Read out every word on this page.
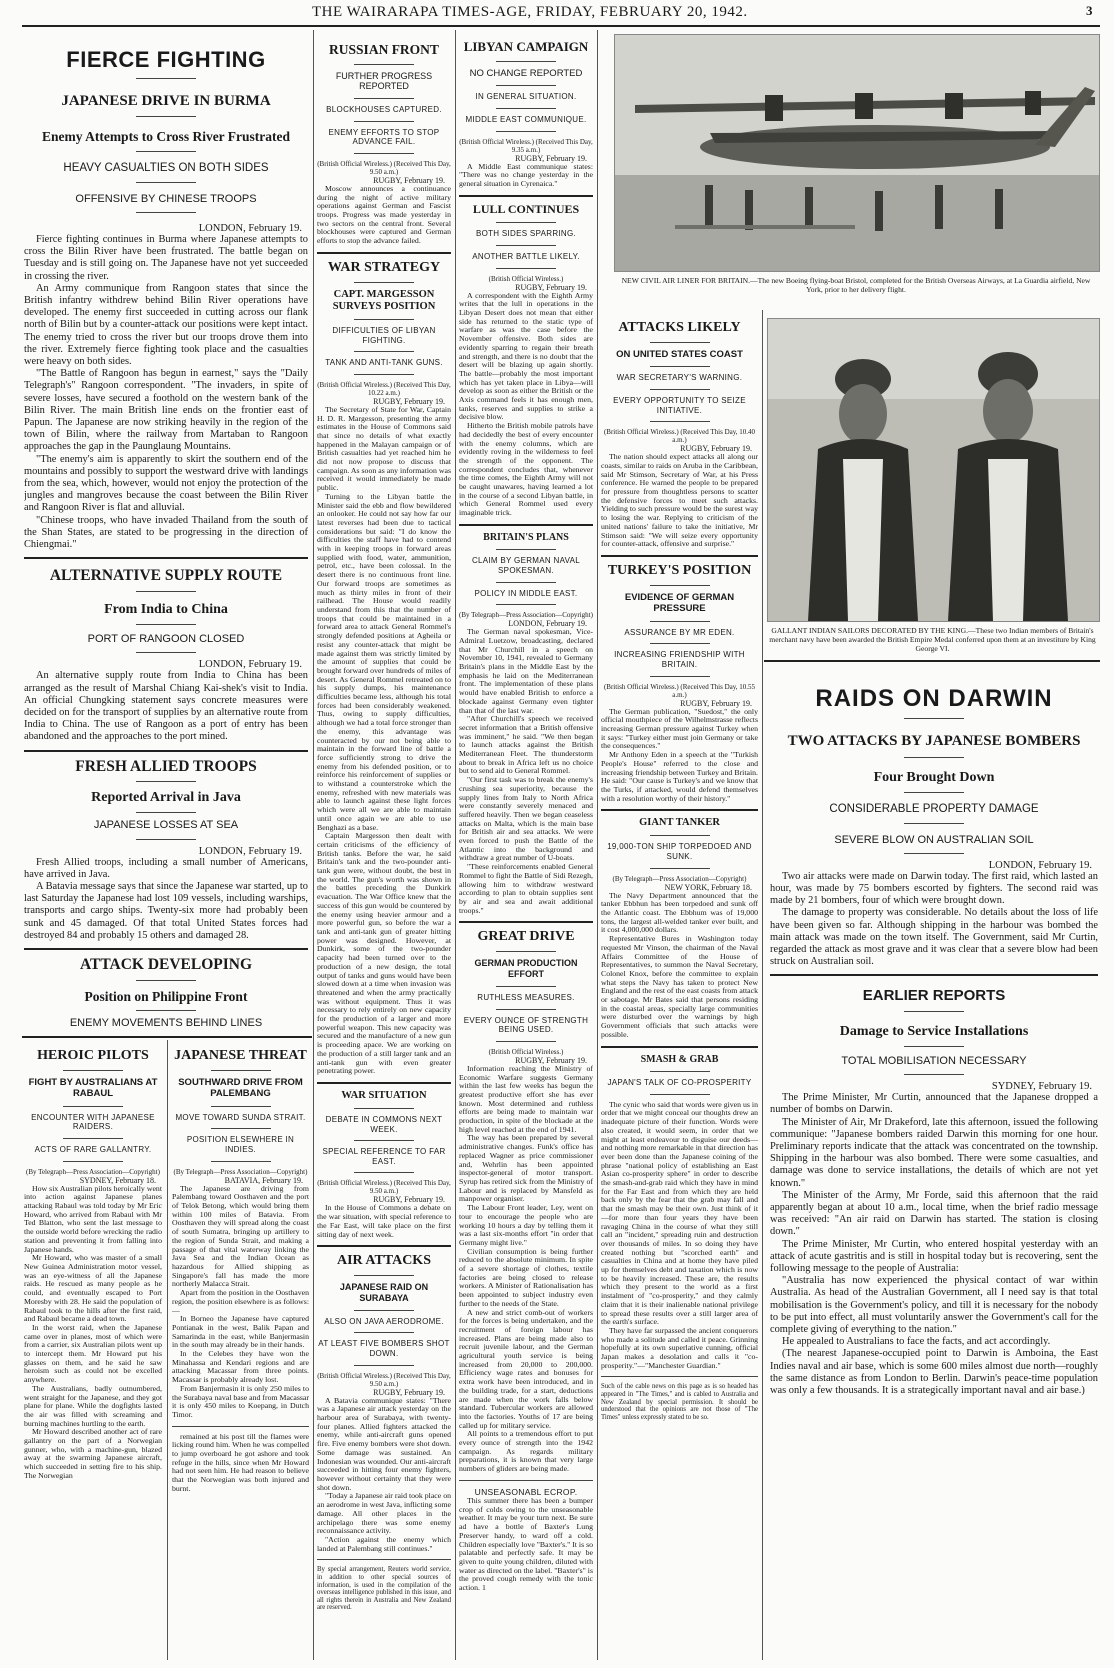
THE WAIRARAPA TIMES-AGE, FRIDAY, FEBRUARY 20, 1942.	3
FIERCE FIGHTING
JAPANESE DRIVE IN BURMA
Enemy Attempts to Cross River Frustrated
HEAVY CASUALTIES ON BOTH SIDES
OFFENSIVE BY CHINESE TROOPS

LONDON, February 19.

Fierce fighting continues in Burma where Japanese attempts to cross the Bilin River have been frustrated. The battle began on Tuesday and is still going on. The Japanese have not yet succeeded in crossing the river.

An Army communique from Rangoon states that since the British infantry withdrew behind Bilin River operations have developed. The enemy first succeeded in cutting across our flank north of Bilin but by a counter-attack our positions were kept intact. The enemy tried to cross the river but our troops drove them into the river. Extremely fierce fighting took place and the casualties were heavy on both sides.

"The Battle of Rangoon has begun in earnest," says the "Daily Telegraph's" Rangoon correspondent. "The invaders, in spite of severe losses, have secured a foothold on the western bank of the Bilin River. The main British line ends on the frontier east of Papun. The Japanese are now striking heavily in the region of the town of Bilin, where the railway from Martaban to Rangoon approaches the gap in the Paunglaung Mountains.

"The enemy's aim is apparently to skirt the southern end of the mountains and possibly to support the westward drive with landings from the sea, which, however, would not enjoy the protection of the jungles and mangroves because the coast between the Bilin River and Rangoon River is flat and alluvial.

"Chinese troops, who have invaded Thailand from the south of the Shan States, are stated to be progressing in the direction of Chiengmai."

ALTERNATIVE SUPPLY ROUTE
From India to China
PORT OF RANGOON CLOSED

LONDON, February 19.

An alternative supply route from India to China has been arranged as the result of Marshal Chiang Kai-shek's visit to India. An official Chungking statement says concrete measures were decided on for the transport of supplies by an alternative route from India to China. The use of Rangoon as a port of entry has been abandoned and the approaches to the port mined.

FRESH ALLIED TROOPS
Reported Arrival in Java
JAPANESE LOSSES AT SEA

LONDON, February 19.

Fresh Allied troops, including a small number of Americans, have arrived in Java.

A Batavia message says that since the Japanese war started, up to last Saturday the Japanese had lost 109 vessels, including warships, transports and cargo ships. Twenty-six more had probably been sunk and 45 damaged. Of that total United States forces had destroyed 84 and probably 15 others and damaged 28.

ATTACK DEVELOPING
Position on Philippine Front
ENEMY MOVEMENTS BEHIND LINES

HEROIC PILOTS
FIGHT BY AUSTRALIANS AT RABAUL
ENCOUNTER WITH JAPANESE RAIDERS.
ACTS OF RARE GALLANTRY.

(By Telegraph—Press Association—Copyright)

SYDNEY, February 18.

How six Australian pilots heroically went into action against Japanese planes attacking Rabaul was told today by Mr Eric Howard, who arrived from Rabaul with Mr Ted Blatton, who sent the last message to the outside world before wrecking the radio station and preventing it from falling into Japanese hands.

Mr Howard, who was master of a small New Guinea Administration motor vessel, was an eye-witness of all the Japanese raids. He rescued as many people as he could, and eventually escaped to Port Moresby with 28. He said the population of Rabaul took to the hills after the first raid, and Rabaul became a dead town.

In the worst raid, when the Japanese came over in planes, most of which were from a carrier, six Australian pilots went up to intercept them. Mr Howard put his glasses on them, and he said he saw heroism such as could not be excelled anywhere.

The Australians, badly outnumbered, went straight for the Japanese, and they got plane for plane. While the dogfights lasted the air was filled with screaming and burning machines hurtling to the earth.

Mr Howard described another act of rare gallantry on the part of a Norwegian gunner, who, with a machine-gun, blazed away at the swarming Japanese aircraft, which succeeded in setting fire to his ship. The Norwegian

JAPANESE THREAT
SOUTHWARD DRIVE FROM PALEMBANG
MOVE TOWARD SUNDA STRAIT.
POSITION ELSEWHERE IN INDIES.

(By Telegraph—Press Association—Copyright)

BATAVIA, February 19.

The Japanese are driving from Palembang toward Oosthaven and the port of Telok Betong, which would bring them within 100 miles of Batavia. From Oosthaven they will spread along the coast of south Sumatra, bringing up artillery to the region of Sunda Strait, and making a passage of that vital waterway linking the Java Sea and the Indian Ocean as hazardous for Allied shipping as Singapore's fall has made the more northerly Malacca Strait.

Apart from the position in the Oosthaven region, the position elsewhere is as follows:—

In Borneo the Japanese have captured Pontianak in the west, Balik Papan and Samarinda in the east, while Banjermasin in the south may already be in their hands.

In the Celebes they have won the Minahassa and Kendari regions and are attacking Macassar from three points. Macassar is probably already lost.

From Banjermasin it is only 250 miles to the Surabaya naval base and from Macassar it is only 450 miles to Koepang, in Dutch Timor.

remained at his post till the flames were licking round him. When he was compelled to jump overboard he got ashore and took refuge in the hills, since when Mr Howard had not seen him. He had reason to believe that the Norwegian was both injured and burnt.

RUSSIAN FRONT
FURTHER PROGRESS REPORTED
BLOCKHOUSES CAPTURED.
ENEMY EFFORTS TO STOP ADVANCE FAIL.

(British Official Wireless.) (Received This Day, 9.50 a.m.)

RUGBY, February 19.

Moscow announces a continuance during the night of active military operations against German and Fascist troops. Progress was made yesterday in two sectors on the central front. Several blockhouses were captured and German efforts to stop the advance failed.

WAR STRATEGY
CAPT. MARGESSON SURVEYS POSITION
DIFFICULTIES OF LIBYAN FIGHTING.
TANK AND ANTI-TANK GUNS.

(British Official Wireless.) (Received This Day, 10.22 a.m.)

RUGBY, February 19.

The Secretary of State for War, Captain H. D. R. Margesson, presenting the army estimates in the House of Commons said that since no details of what exactly happened in the Malayan campaign or of British casualties had yet reached him he did not now propose to discuss that campaign. As soon as any information was received it would immediately be made public.

Turning to the Libyan battle the Minister said the ebb and flow bewildered an onlooker. He could not say how far our latest reverses had been due to tactical considerations but said: "I do know the difficulties the staff have had to contend with in keeping troops in forward areas supplied with food, water, ammunition, petrol, etc., have been colossal. In the desert there is no continuous front line. Our forward troops are sometimes as much as thirty miles in front of their railhead. The House would readily understand from this that the number of troops that could be maintained in a forward area to attack General Rommel's strongly defended positions at Agheila or resist any counter-attack that might be made against them was strictly limited by the amount of supplies that could be brought forward over hundreds of miles of desert. As General Rommel retreated on to his supply dumps, his maintenance difficulties became less, although his total forces had been considerably weakened. Thus, owing to supply difficulties, although we had a total force stronger than the enemy, this advantage was counteracted by our not being able to maintain in the forward line of battle a force sufficiently strong to drive the enemy from his defended position, or to reinforce his reinforcement of supplies or to withstand a counterstroke which the enemy, refreshed with new materials was able to launch against these light forces which were all we are able to maintain until once again we are able to use Benghazi as a base.

Captain Margesson then dealt with certain criticisms of the efficiency of British tanks. Before the war, he said Britain's tank and the two-pounder anti-tank gun were, without doubt, the best in the world. The gun's worth was shown in the battles preceding the Dunkirk evacuation. The War Office knew that the success of this gun would be countered by the enemy using heavier armour and a more powerful gun, so before the war a tank and anti-tank gun of greater hitting power was designed. However, at Dunkirk, some of the two-pounder capacity had been turned over to the production of a new design, the total output of tanks and guns would have been slowed down at a time when invasion was threatened and when the army practically was without equipment. Thus it was necessary to rely entirely on new capacity for the production of a larger and more powerful weapon. This new capacity was secured and the manufacture of a new gun is proceeding apace. We are working on the production of a still larger tank and an anti-tank gun with even greater penetrating power.

WAR SITUATION
DEBATE IN COMMONS NEXT WEEK.
SPECIAL REFERENCE TO FAR EAST.

(British Official Wireless.) (Received This Day, 9.50 a.m.)

RUGBY, February 19.

In the House of Commons a debate on the war situation, with special reference to the Far East, will take place on the first sitting day of next week.

AIR ATTACKS
JAPANESE RAID ON SURABAYA
ALSO ON JAVA AERODROME.
AT LEAST FIVE BOMBERS SHOT DOWN.

(British Official Wireless.) (Received This Day, 9.50 a.m.)

RUGBY, February 19.

A Batavia communique states: "There was a Japanese air attack yesterday on the harbour area of Surabaya, with twenty-four planes. Allied fighters attacked the enemy, while anti-aircraft guns opened fire. Five enemy bombers were shot down. Some damage was sustained. An Indonesian was wounded. Our anti-aircraft succeeded in hitting four enemy fighters, however without certainty that they were shot down.

"Today a Japanese air raid took place on an aerodrome in west Java, inflicting some damage. All other places in the archipelago there was some enemy reconnaissance activity.

"Action against the enemy which landed at Palembang still continues."

By special arrangement, Reuters world service, in addition to other special sources of information, is used in the compilation of the overseas intelligence published in this issue, and all rights therein in Australia and New Zealand are reserved.

LIBYAN CAMPAIGN
NO CHANGE REPORTED
IN GENERAL SITUATION.
MIDDLE EAST COMMUNIQUE.

(British Official Wireless.) (Received This Day, 9.35 a.m.)

RUGBY, February 19.

A Middle East communique states: "There was no change yesterday in the general situation in Cyrenaica."

LULL CONTINUES
BOTH SIDES SPARRING.
ANOTHER BATTLE LIKELY.

(British Official Wireless.)

RUGBY, February 19.

A correspondent with the Eighth Army writes that the lull in operations in the Libyan Desert does not mean that either side has returned to the static type of warfare as was the case before the November offensive. Both sides are evidently sparring to regain their breath and strength, and there is no doubt that the desert will be blazing up again shortly. The battle—probably the most important which has yet taken place in Libya—will develop as soon as either the British or the Axis command feels it has enough men, tanks, reserves and supplies to strike a decisive blow.

Hitherto the British mobile patrols have had decidedly the best of every encounter with the enemy columns, which are evidently roving in the wilderness to feel the strength of the opponent. The correspondent concludes that, whenever the time comes, the Eighth Army will not be caught unawares, having learned a lot in the course of a second Libyan battle, in which General Rommel used every imaginable trick.

BRITAIN'S PLANS
CLAIM BY GERMAN NAVAL SPOKESMAN.
POLICY IN MIDDLE EAST.

(By Telegraph—Press Association—Copyright)

LONDON, February 19.

The German naval spokesman, Vice-Admiral Luetzow, broadcasting, declared that Mr Churchill in a speech on November 10, 1941, revealed to Germany Britain's plans in the Middle East by the emphasis he laid on the Mediterranean front. The implementation of these plans would have enabled British to enforce a blockade against Germany even tighter than that of the last war.

"After Churchill's speech we received secret information that a British offensive was imminent," he said. "We then began to launch attacks against the British Mediterranean Fleet. The thunderstorm about to break in Africa left us no choice but to send aid to General Rommel.

"Our first task was to break the enemy's crushing sea superiority, because the supply lines from Italy to North Africa were constantly severely menaced and suffered heavily. Then we began ceaseless attacks on Malta, which is the main base for British air and sea attacks. We were even forced to push the Battle of the Atlantic into the background and withdraw a great number of U-boats.

"These reinforcements enabled General Rommel to fight the Battle of Sidi Rezegh, allowing him to withdraw westward according to plan to obtain supplies sent by air and sea and await additional troops."

GREAT DRIVE
GERMAN PRODUCTION EFFORT
RUTHLESS MEASURES.
EVERY OUNCE OF STRENGTH BEING USED.

(British Official Wireless.)

RUGBY, February 19.

Information reaching the Ministry of Economic Warfare suggests Germany within the last few weeks has begun the greatest productive effort she has ever known. Most determined and ruthless efforts are being made to maintain war production, in spite of the blockade at the high level reached at the end of 1941.

The way has been prepared by several administrative changes. Funk's office has replaced Wagner as price commissioner and, Wehrlin has been appointed inspector-general of motor transport. Syrup has retired sick from the Ministry of Labour and is replaced by Mansfeld as manpower organiser.

The Labour Front leader, Ley, went on tour to encourage the people who are working 10 hours a day by telling them it was a last six-months effort "in order that Germany might live."

Civilian consumption is being further reduced to the absolute minimum. In spite of a severe shortage of clothes, textile factories are being closed to release workers. A Minister of Rationalisation has been appointed to subject industry even further to the needs of the State.

A new and strict comb-out of workers for the forces is being undertaken, and the recruitment of foreign labour has increased. Plans are being made also to recruit juvenile labour, and the German agricultural youth service is being increased from 20,000 to 200,000. Efficiency wage rates and bonuses for extra work have been introduced, and in the building trade, for a start, deductions are made when the work falls below standard. Tubercular workers are allowed into the factories. Youths of 17 are being called up for military service.

All points to a tremendous effort to put every ounce of strength into the 1942 campaign. As regards military preparations, it is known that very large numbers of gliders are being made.

UNSEASONABL ECROP.

This summer there has been a bumper crop of colds owing to the unseasonable weather. It may be your turn next. Be sure ad have a bottle of Baxter's Lung Preserver handy, to ward off a cold. Children especially love "Baxter's." It is so palatable and perfectly safe. It may be given to quite young children, diluted with water as directed on the label. "Baxter's" is the proved cough remedy with the tonic action. 1

ATTACKS LIKELY
ON UNITED STATES COAST
WAR SECRETARY'S WARNING.
EVERY OPPORTUNITY TO SEIZE INITIATIVE.

(British Official Wireless.) (Received This Day, 10.40 a.m.)

RUGBY, February 19.

The nation should expect attacks all along our coasts, similar to raids on Aruba in the Caribbean, said Mr Stimson, Secretary of War, at his Press conference. He warned the people to be prepared for pressure from thoughtless persons to scatter the defensive forces to meet such attacks. Yielding to such pressure would be the surest way to losing the war. Replying to criticism of the united nations' failure to take the initiative, Mr Stimson said: "We will seize every opportunity for counter-attack, offensive and surprise."

TURKEY'S POSITION
EVIDENCE OF GERMAN PRESSURE
ASSURANCE BY MR EDEN.
INCREASING FRIENDSHIP WITH BRITAIN.

(British Official Wireless.) (Received This Day, 10.55 a.m.)

RUGBY, February 19.

The German publication, "Suedost," the only official mouthpiece of the Wilhelmstrasse reflects increasing German pressure against Turkey when it says: "Turkey either must join Germany or take the consequences."

Mr Anthony Eden in a speech at the "Turkish People's House" referred to the close and increasing friendship between Turkey and Britain. He said: "Our cause is Turkey's and we know that the Turks, if attacked, would defend themselves with a resolution worthy of their history."

GIANT TANKER
19,000-TON SHIP TORPEDOED AND SUNK.

(By Telegraph—Press Association—Copyright)

NEW YORK, February 18.

The Navy Department announced that the tanker Ebbhun has been torpedoed and sunk off the Atlantic coast. The Ebbhum was of 19,000 tons, the largest all-welded tanker ever built, and it cost 4,000,000 dollars.

Representative Bures in Washington today requested Mr Vinson, the chairman of the Naval Affairs Committee of the House of Representatives, to summon the Naval Secretary, Colonel Knox, before the committee to explain what steps the Navy has taken to protect New England and the rest of the east coasts from attack or sabotage. Mr Bates said that persons residing in the coastal areas, specially large communities were disturbed over the warnings by high Government officials that such attacks were possible.

SMASH & GRAB
JAPAN'S TALK OF CO-PROSPERITY

The cynic who said that words were given us in order that we might conceal our thoughts drew an inadequate picture of their function. Words were also created, it would seem, in order that we might at least endeavour to disguise our deeds—and nothing more remarkable in that direction has ever been done than the Japanese coining of the phrase "national policy of establishing an East Asian co-prosperity sphere" in order to describe the smash-and-grab raid which they have in mind for the Far East and from which they are held back only by the fear that the grab may fall and that the smash may be their own. Just think of it—for more than four years they have been ravaging China in the course of what they still call an "incident," spreading ruin and destruction over thousands of miles. In so doing they have created nothing but "scorched earth" and casualties in China and at home they have piled up for themselves debt and taxation which is now to be heavily increased. These are, the results which they present to the world as a first instalment of "co-prosperity," and they calmly claim that it is their inalienable national privilege to spread these results over a still larger area of the earth's surface.

They have far surpassed the ancient conquerors who made a solitude and called it peace. Grinning hopefully at its own superlative cunning, official Japan makes a desolation and calls it "co-prosperity."—"Manchester Guardian."

Such of the cable news on this page as is so headed has appeared in "The Times," and is cabled to Australia and New Zealand by special permission. It should be understood that the opinions are not those of "The Times" unless expressly stated to be so.

NEW CIVIL AIR LINER FOR BRITAIN.—The new Boeing flying-boat Bristol, completed for the British Overseas Airways, at La Guardia airfield, New York, prior to her delivery flight.
GALLANT INDIAN SAILORS DECORATED BY THE KING.—These two Indian members of Britain's merchant navy have been awarded the British Empire Medal conferred upon them at an investiture by King George VI.
RAIDS ON DARWIN
TWO ATTACKS BY JAPANESE BOMBERS
Four Brought Down
CONSIDERABLE PROPERTY DAMAGE
SEVERE BLOW ON AUSTRALIAN SOIL

LONDON, February 19.

Two air attacks were made on Darwin today. The first raid, which lasted an hour, was made by 75 bombers escorted by fighters. The second raid was made by 21 bombers, four of which were brought down.

The damage to property was considerable. No details about the loss of life have been given so far. Although shipping in the harbour was bombed the main attack was made on the town itself. The Government, said Mr Curtin, regarded the attack as most grave and it was clear that a severe blow had been struck on Australian soil.

EARLIER REPORTS
Damage to Service Installations
TOTAL MOBILISATION NECESSARY

SYDNEY, February 19.

The Prime Minister, Mr Curtin, announced that the Japanese dropped a number of bombs on Darwin.

The Minister of Air, Mr Drakeford, late this afternoon, issued the following communique: "Japanese bombers raided Darwin this morning for one hour. Preliminary reports indicate that the attack was concentrated on the township. Shipping in the harbour was also bombed. There were some casualties, and damage was done to service installations, the details of which are not yet known."

The Minister of the Army, Mr Forde, said this afternoon that the raid apparently began at about 10 a.m., local time, when the brief radio message was received: "An air raid on Darwin has started. The station is closing down."

The Prime Minister, Mr Curtin, who entered hospital yesterday with an attack of acute gastritis and is still in hospital today but is recovering, sent the following message to the people of Australia:

"Australia has now experienced the physical contact of war within Australia. As head of the Australian Government, all I need say is that total mobilisation is the Government's policy, and till it is necessary for the nobody to be put into effect, all must voluntarily answer the Government's call for the complete giving of everything to the nation."

He appealed to Australians to face the facts, and act accordingly.

(The nearest Japanese-occupied point to Darwin is Amboina, the East Indies naval and air base, which is some 600 miles almost due north—roughly the same distance as from London to Berlin. Darwin's peace-time population was only a few thousands. It is a strategically important naval and air base.)
